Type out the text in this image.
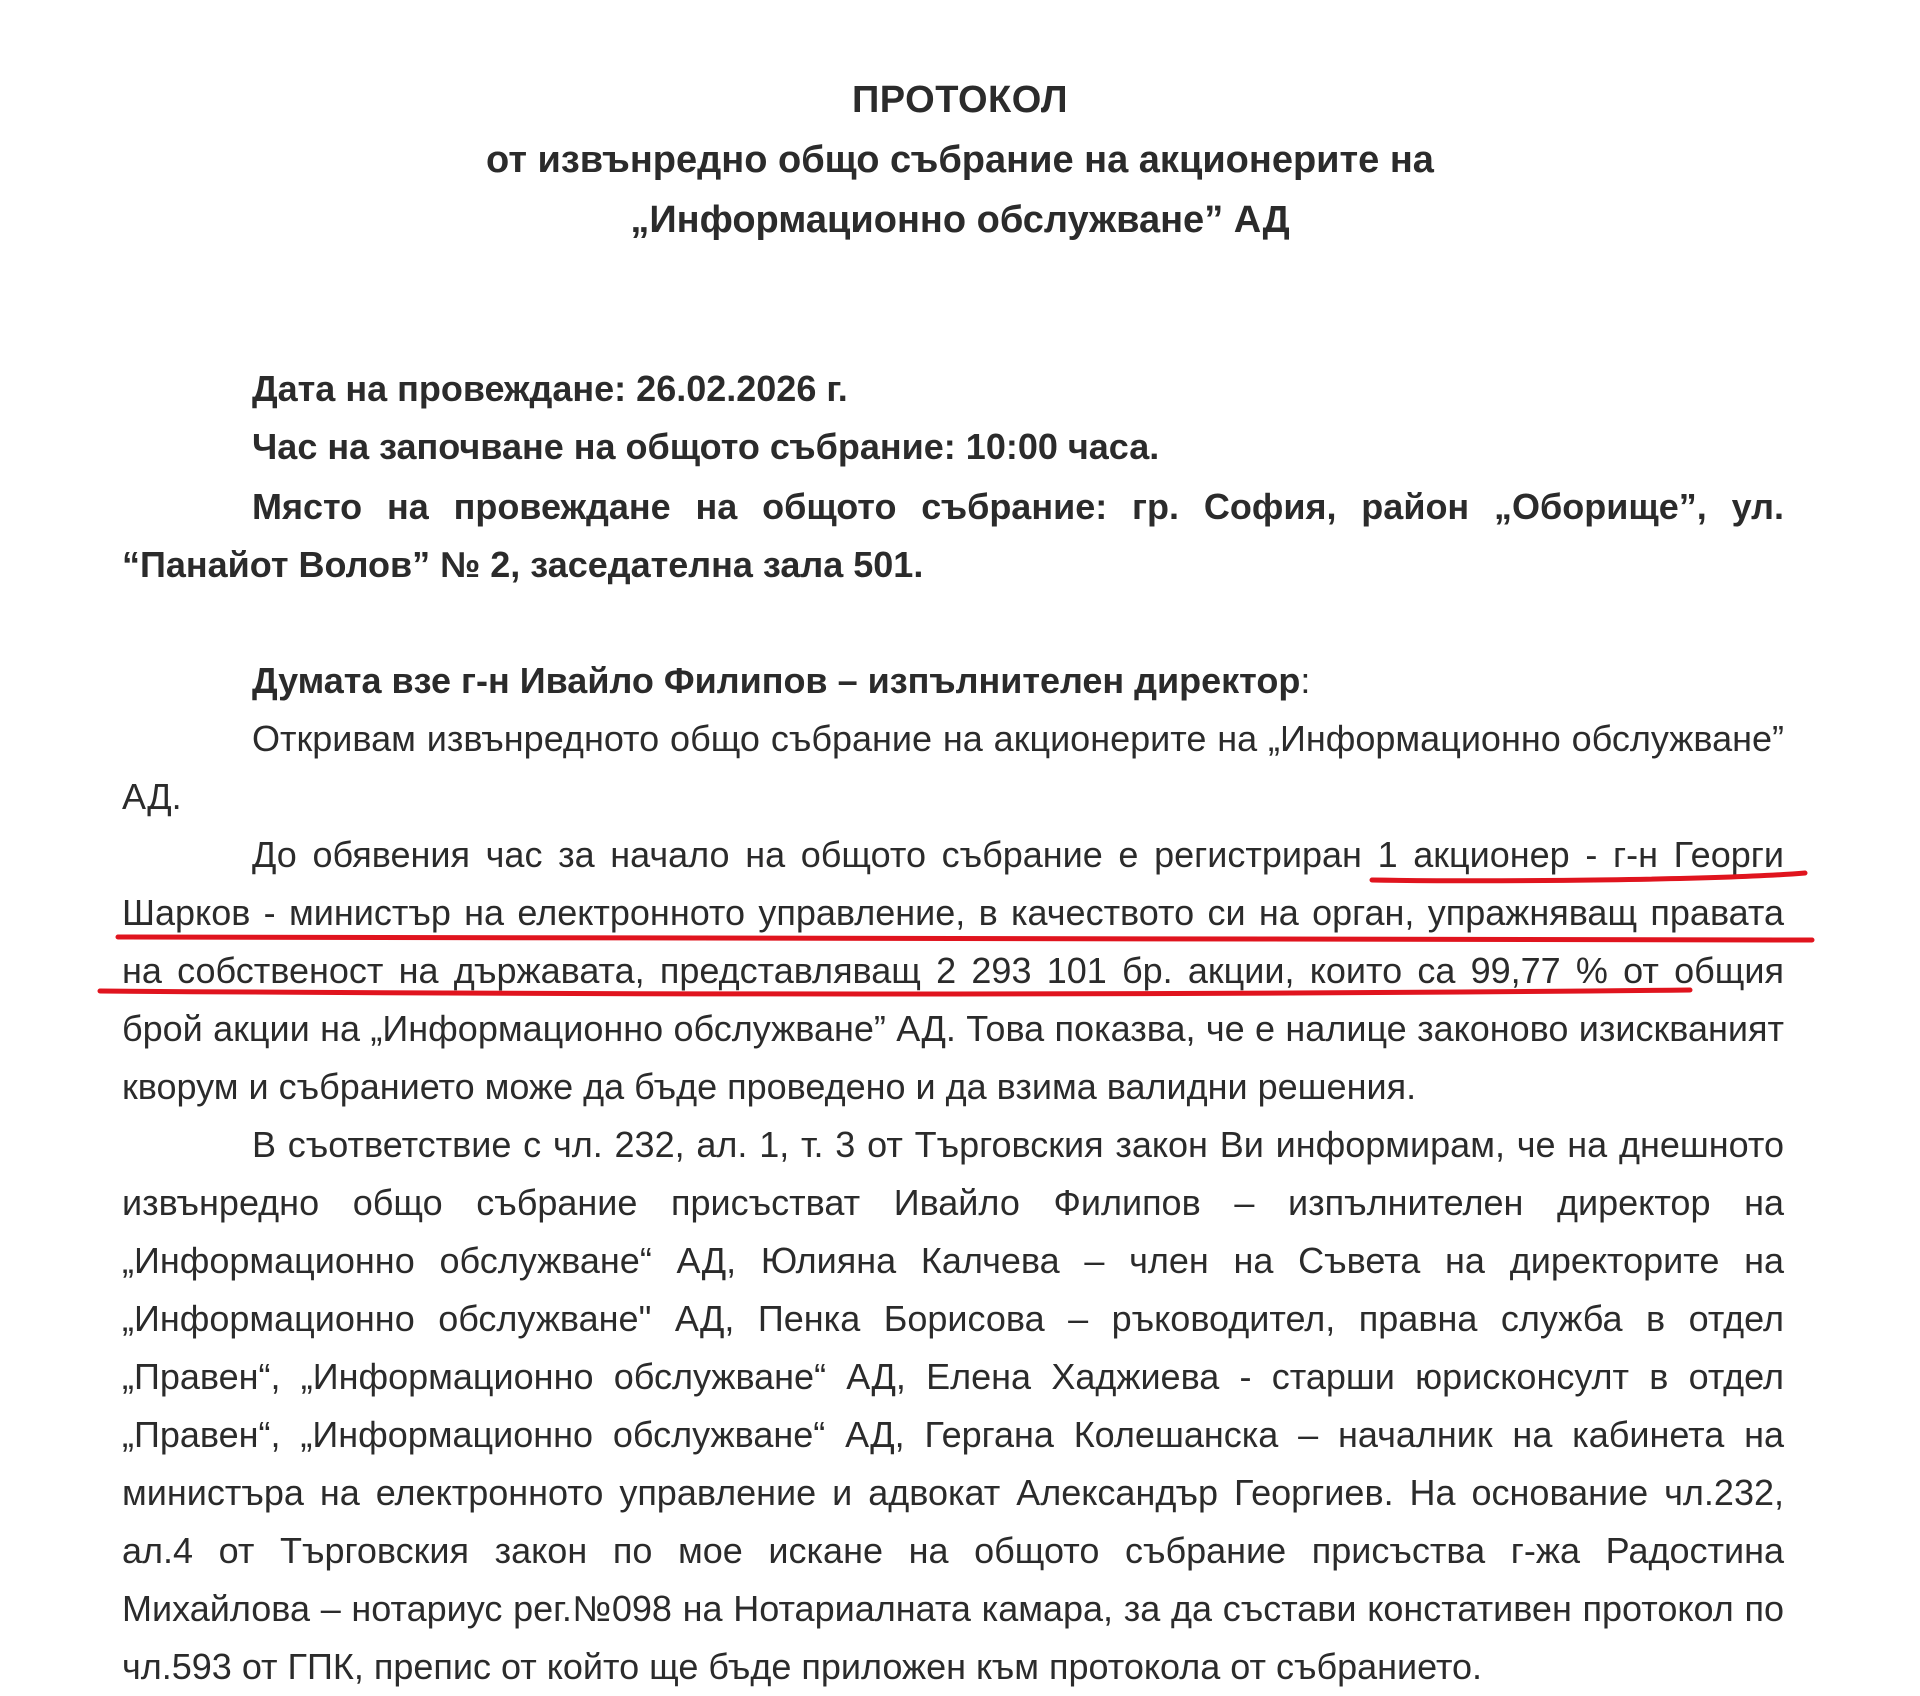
ПРОТОКОЛ
от извънредно общо събрание на акционерите на
„Информационно обслужване” АД
Дата на провеждане: 26.02.2026 г.
Час на започване на общото събрание: 10:00 часа.
Място на провеждане на общото събрание: гр. София, район „Оборище”, ул. “Панайот Волов” № 2, заседателна зала 501.
Думата взе г-н Ивайло Филипов – изпълнителен директор:
Откривам извънредното общо събрание на акционерите на „Информационно обслужване” АД.
До обявения час за начало на общото събрание е регистриран 1 акционер - г-н Георги Шарков - министър на електронното управление, в качеството си на орган, упражняващ правата на собственост на държавата, представляващ 2 293 101 бр. акции, които са 99,77 % от общия брой акции на „Информационно обслужване” АД. Това показва, че е налице законово изискваният кворум и събранието може да бъде проведено и да взима валидни решения.
В съответствие с чл. 232, ал. 1, т. 3 от Търговския закон Ви информирам, че на днешното извънредно общо събрание присъстват Ивайло Филипов – изпълнителен директор на „Информационно обслужване“ АД, Юлияна Калчева – член на Съвета на директорите на „Информационно обслужване" АД, Пенка Борисова – ръководител, правна служба в отдел „Правен“, „Информационно обслужване“ АД, Елена Хаджиева - старши юрисконсулт в отдел „Правен“, „Информационно обслужване“ АД, Гергана Колешанска – началник на кабинета на министъра на електронното управление и адвокат Александър Георгиев. На основание чл.232, ал.4 от Търговския закон по мое искане на общото събрание присъства г-жа Радостина Михайлова – нотариус рег.№098 на Нотариалната камара, за да състави констативен протокол по чл.593 от ГПК, препис от който ще бъде приложен към протокола от събранието.
